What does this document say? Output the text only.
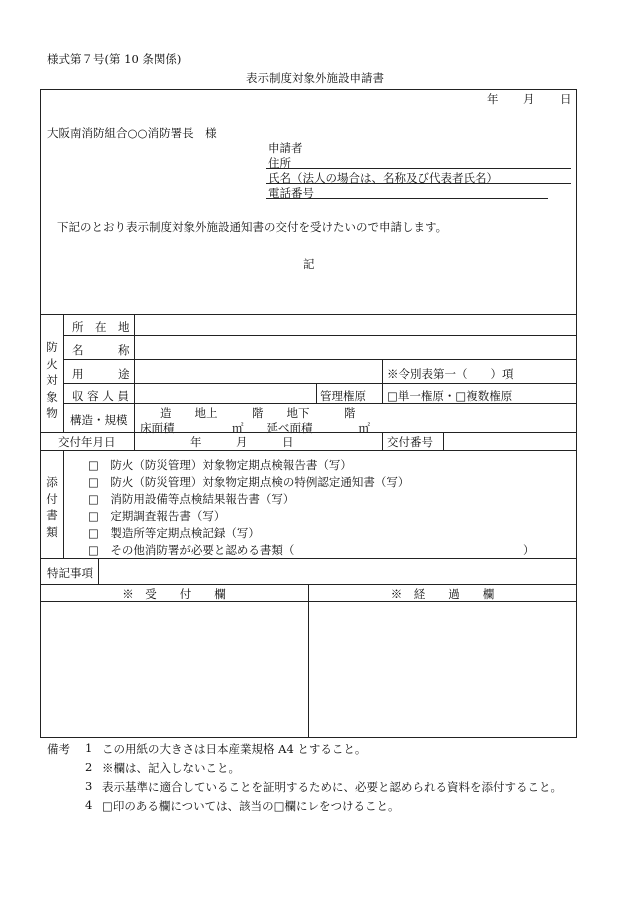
様式第７号(第 10 条関係)
表示制度対象外施設申請書
年 月 日
大阪南消防組合○○消防署長　様
申請者
住所
氏名（法人の場合は、名称及び代表者氏名）
電話番号
下記のとおり表示制度対象外施設通知書の交付を受けたいので申請します。
記
防火対象物
所　在　地
名　　　称
用　　　途	※令別表第一（　　）項
収 容 人 員	管理権原 □単一権原・□複数権原
構造・規模	造　　地上　　　階　　地下　　　階
床面積　　　　　㎡　　延べ面積　　　　㎡
交付年月日	年　　　月　　　日	交付番号
添付書類
□　防火（防災管理）対象物定期点検報告書（写）
□　防火（防災管理）対象物定期点検の特例認定通知書（写）
□　消防用設備等点検結果報告書（写）
□　定期調査報告書（写）
□　製造所等定期点検記録（写）
□　その他消防署が必要と認める書類（	）
特記事項
※　受　　付　　欄	※　経　　過　　欄
備考 1 この用紙の大きさは日本産業規格 A4 とすること。
2 ※欄は、記入しないこと。
3 表示基準に適合していることを証明するために、必要と認められる資料を添付すること。
4 □印のある欄については、該当の□欄にレをつけること。
